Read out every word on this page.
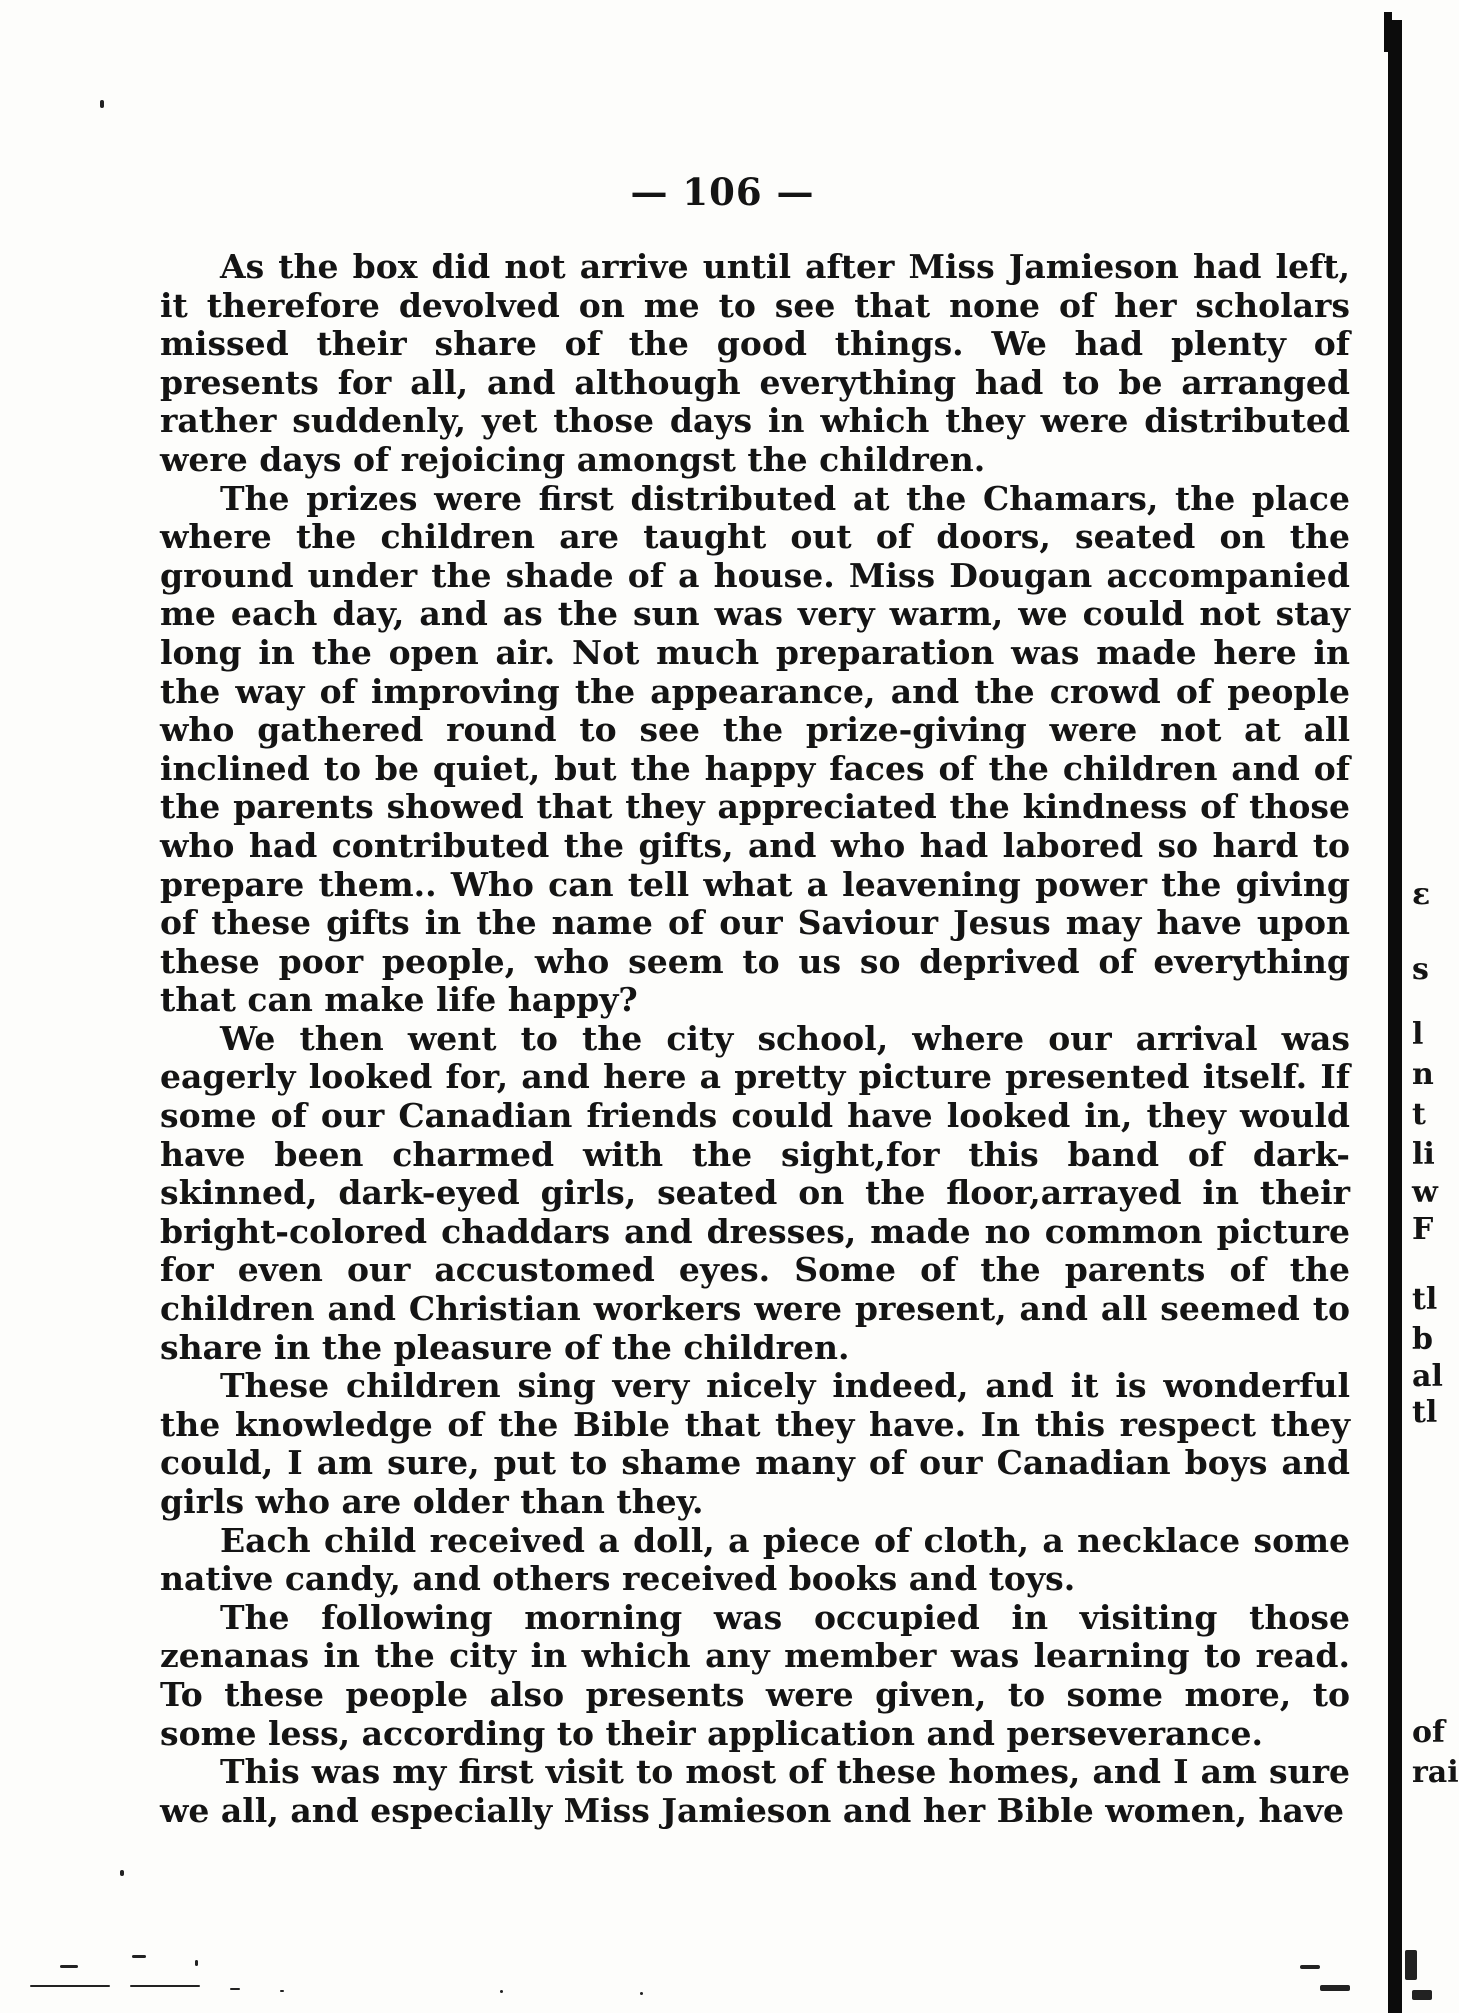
— 106 —

As the box did not arrive until after Miss Jamieson had left, it therefore devolved on me to see that none of her scholars missed their share of the good things. We had plenty of presents for all, and although everything had to be arranged rather suddenly, yet those days in which they were distributed were days of rejoicing amongst the children.

The prizes were first distributed at the Chamars, the place where the children are taught out of doors, seated on the ground under the shade of a house. Miss Dougan accompanied me each day, and as the sun was very warm, we could not stay long in the open air. Not much preparation was made here in the way of improving the appearance, and the crowd of people who gathered round to see the prize-giving were not at all inclined to be quiet, but the happy faces of the children and of the parents showed that they appreciated the kindness of those who had contributed the gifts, and who had labored so hard to prepare them.. Who can tell what a leavening power the giving of these gifts in the name of our Saviour Jesus may have upon these poor people, who seem to us so deprived of everything that can make life happy?

We then went to the city school, where our arrival was eagerly looked for, and here a pretty picture presented itself. If some of our Canadian friends could have looked in, they would have been charmed with the sight,for this band of dark-skinned, dark-eyed girls, seated on the floor,arrayed in their bright-colored chaddars and dresses, made no common picture for even our accustomed eyes. Some of the parents of the children and Christian workers were present, and all seemed to share in the pleasure of the children.

These children sing very nicely indeed, and it is wonderful the knowledge of the Bible that they have. In this respect they could, I am sure, put to shame many of our Canadian boys and girls who are older than they.

Each child received a doll, a piece of cloth, a necklace some native candy, and others received books and toys.

The following morning was occupied in visiting those zenanas in the city in which any member was learning to read. To these people also presents were given, to some more, to some less, according to their application and perseverance.

This was my first visit to most of these homes, and I am sure we all, and especially Miss Jamieson and her Bible women, have

ε
s
l
n
t
li
w
F
tl
b
al
tl
of
rai
